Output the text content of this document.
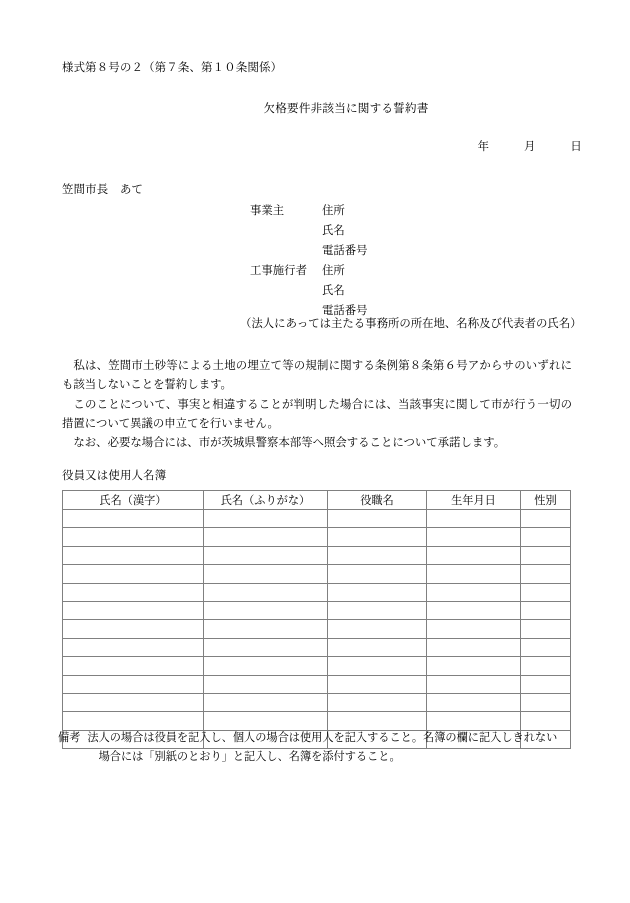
様式第８号の２（第７条、第１０条関係）
欠格要件非該当に関する誓約書
年　　　月　　　日
笠間市長　あて
事業主	住所
氏名
電話番号
工事施行者	住所
氏名
電話番号
（法人にあっては主たる事務所の所在地、名称及び代表者の氏名）

私は、笠間市土砂等による土地の埋立て等の規制に関する条例第８条第６号アからサのいずれにも該当しないことを誓約します。

このことについて、事実と相違することが判明した場合には、当該事実に関して市が行う一切の措置について異議の申立てを行いません。

なお、必要な場合には、市が茨城県警察本部等へ照会することについて承諾します。

役員又は使用人名簿
氏名（漢字）	氏名（ふりがな）	役職名	生年月日	性別

備考 法人の場合は役員を記入し、個人の場合は使用人を記入すること。名簿の欄に記入しきれない

場合には「別紙のとおり」と記入し、名簿を添付すること。
